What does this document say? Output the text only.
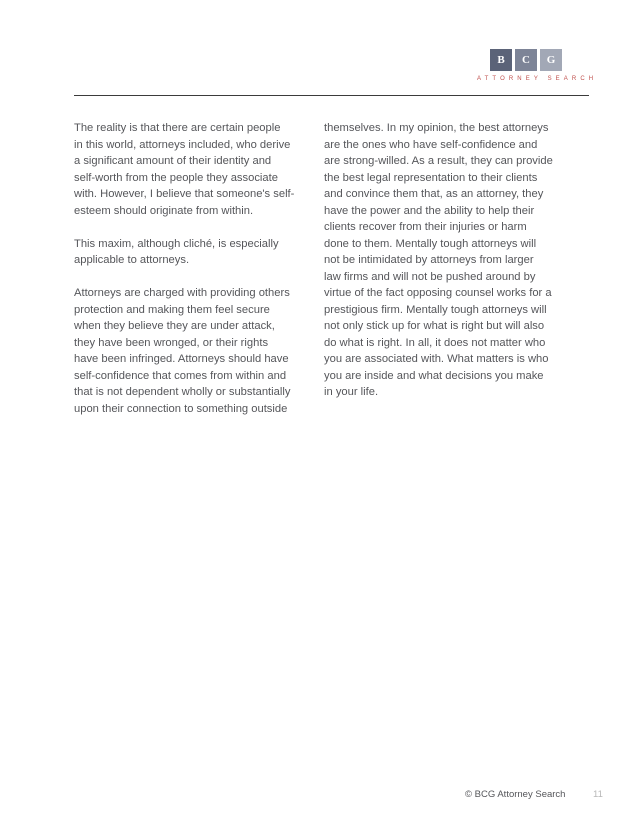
B	C	G
ATTORNEY SEARCH

The reality is that there are certain people
in this world, attorneys included, who derive
a significant amount of their identity and
self-worth from the people they associate
with. However, I believe that someone's self-
esteem should originate from within.

This maxim, although cliché, is especially
applicable to attorneys.

Attorneys are charged with providing others
protection and making them feel secure
when they believe they are under attack,
they have been wronged, or their rights
have been infringed. Attorneys should have
self-confidence that comes from within and
that is not dependent wholly or substantially
upon their connection to something outside

themselves. In my opinion, the best attorneys
are the ones who have self-confidence and
are strong-willed. As a result, they can provide
the best legal representation to their clients
and convince them that, as an attorney, they
have the power and the ability to help their
clients recover from their injuries or harm
done to them. Mentally tough attorneys will
not be intimidated by attorneys from larger
law firms and will not be pushed around by
virtue of the fact opposing counsel works for a
prestigious firm. Mentally tough attorneys will
not only stick up for what is right but will also
do what is right. In all, it does not matter who
you are associated with. What matters is who
you are inside and what decisions you make
in your life.

© BCG Attorney Search	11
